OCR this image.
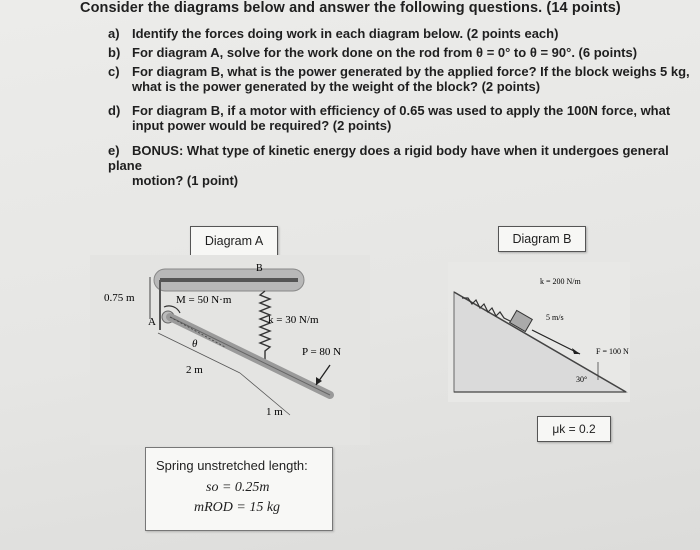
Consider the diagrams below and answer the following questions. (14 points)
a) Identify the forces doing work in each diagram below. (2 points each)
b) For diagram A, solve for the work done on the rod from θ = 0° to θ = 90°. (6 points)
c) For diagram B, what is the power generated by the applied force? If the block weighs 5 kg,
what is the power generated by the weight of the block? (2 points)
d) For diagram B, if a motor with efficiency of 0.65 was used to apply the 100N force, what
input power would be required? (2 points)
e) BONUS: What type of kinetic energy does a rigid body have when it undergoes general plane
motion? (1 point)
Diagram A
B
A
0.75 m	M = 50 N·m
k = 30 N/m
θ
2 m
1 m
P = 80 N
Spring unstretched length:
so = 0.25m
mROD = 15 kg
Diagram B
k = 200 N/m
5 m/s
F = 100 N
30°
μk = 0.2
